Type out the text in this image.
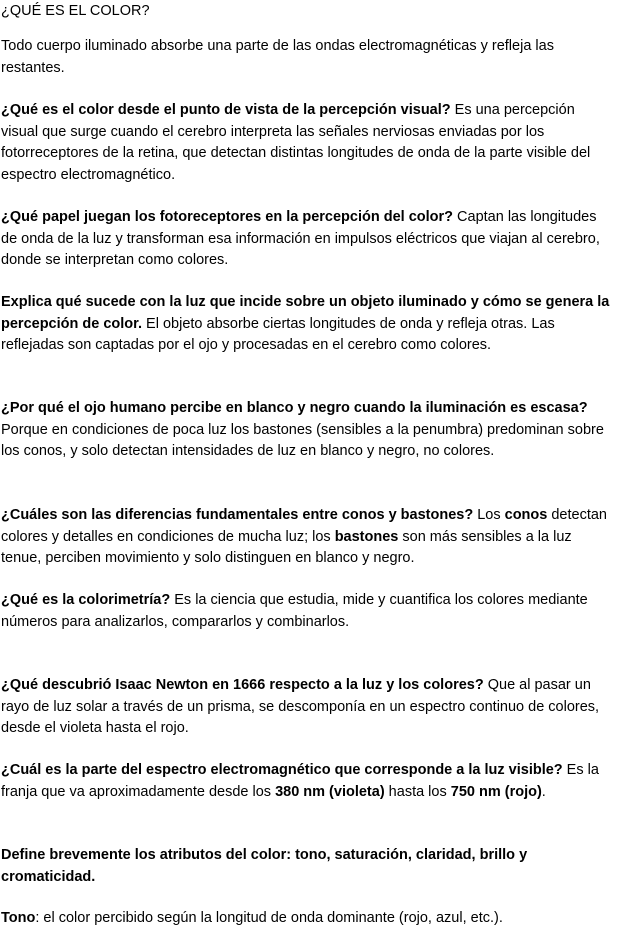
¿QUÉ ES EL COLOR?
Todo cuerpo iluminado absorbe una parte de las ondas electromagnéticas y refleja las restantes.

¿Qué es el color desde el punto de vista de la percepción visual? Es una percepción visual que surge cuando el cerebro interpreta las señales nerviosas enviadas por los fotorreceptores de la retina, que detectan distintas longitudes de onda de la parte visible del espectro electromagnético.

¿Qué papel juegan los fotoreceptores en la percepción del color? Captan las longitudes de onda de la luz y transforman esa información en impulsos eléctricos que viajan al cerebro, donde se interpretan como colores.

Explica qué sucede con la luz que incide sobre un objeto iluminado y cómo se genera la percepción de color. El objeto absorbe ciertas longitudes de onda y refleja otras. Las reflejadas son captadas por el ojo y procesadas en el cerebro como colores.

¿Por qué el ojo humano percibe en blanco y negro cuando la iluminación es escasa? Porque en condiciones de poca luz los bastones (sensibles a la penumbra) predominan sobre los conos, y solo detectan intensidades de luz en blanco y negro, no colores.

¿Cuáles son las diferencias fundamentales entre conos y bastones? Los conos detectan colores y detalles en condiciones de mucha luz; los bastones son más sensibles a la luz tenue, perciben movimiento y solo distinguen en blanco y negro.

¿Qué es la colorimetría? Es la ciencia que estudia, mide y cuantifica los colores mediante números para analizarlos, compararlos y combinarlos.

¿Qué descubrió Isaac Newton en 1666 respecto a la luz y los colores? Que al pasar un rayo de luz solar a través de un prisma, se descomponía en un espectro continuo de colores, desde el violeta hasta el rojo.

¿Cuál es la parte del espectro electromagnético que corresponde a la luz visible? Es la franja que va aproximadamente desde los 380 nm (violeta) hasta los 750 nm (rojo).

Define brevemente los atributos del color: tono, saturación, claridad, brillo y cromaticidad.

Tono: el color percibido según la longitud de onda dominante (rojo, azul, etc.).
